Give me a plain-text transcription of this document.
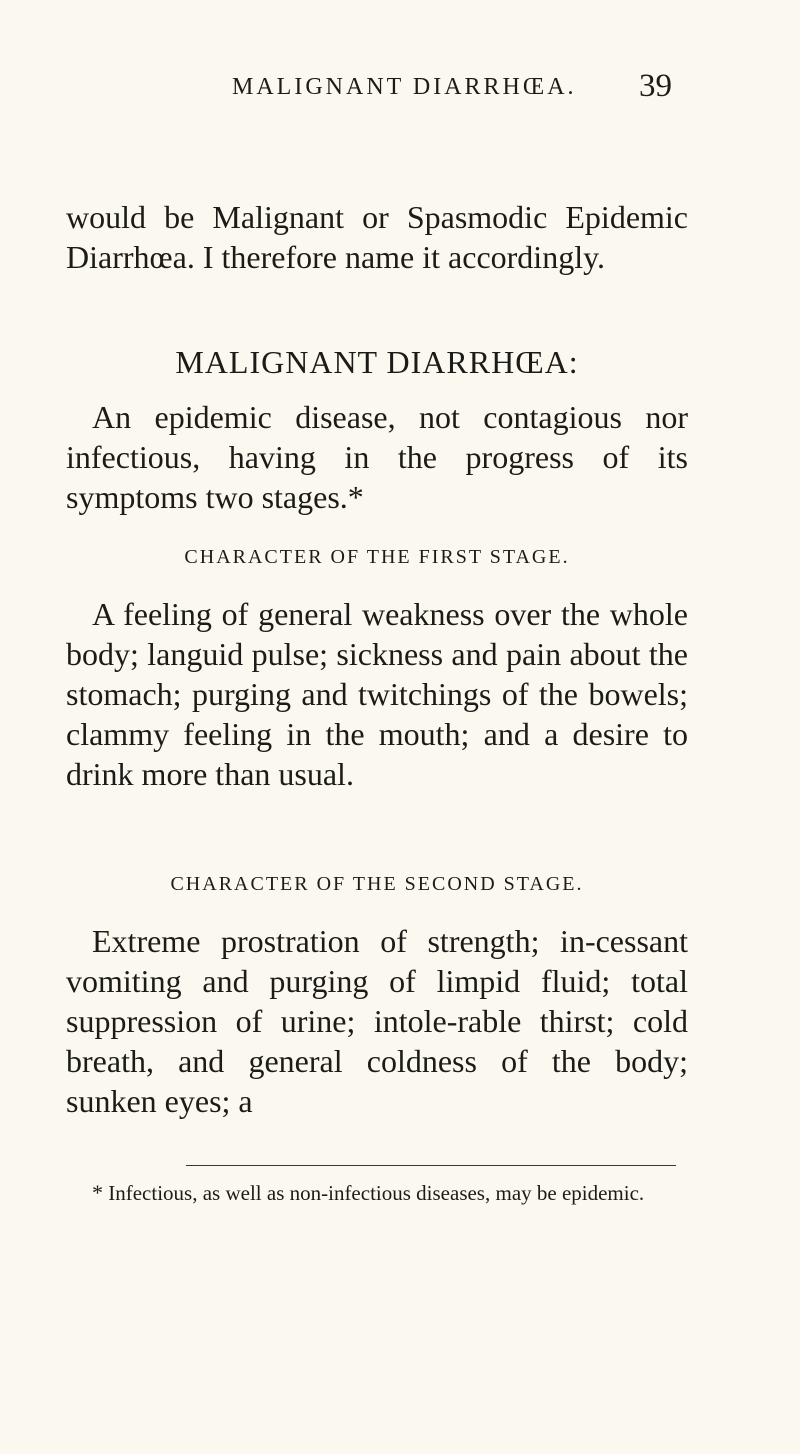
MALIGNANT DIARRHŒA. 39

would be Malignant or Spasmodic Epidemic Diarrhœa. I therefore name it accordingly.

MALIGNANT DIARRHŒA:

An epidemic disease, not contagious nor infectious, having in the progress of its symptoms two stages.*

CHARACTER OF THE FIRST STAGE.

A feeling of general weakness over the whole body; languid pulse; sickness and pain about the stomach; purging and twitchings of the bowels; clammy feeling in the mouth; and a desire to drink more than usual.

CHARACTER OF THE SECOND STAGE.

Extreme prostration of strength; in-cessant vomiting and purging of limpid fluid; total suppression of urine; intole-rable thirst; cold breath, and general coldness of the body; sunken eyes; a

* Infectious, as well as non-infectious diseases, may be epidemic.
